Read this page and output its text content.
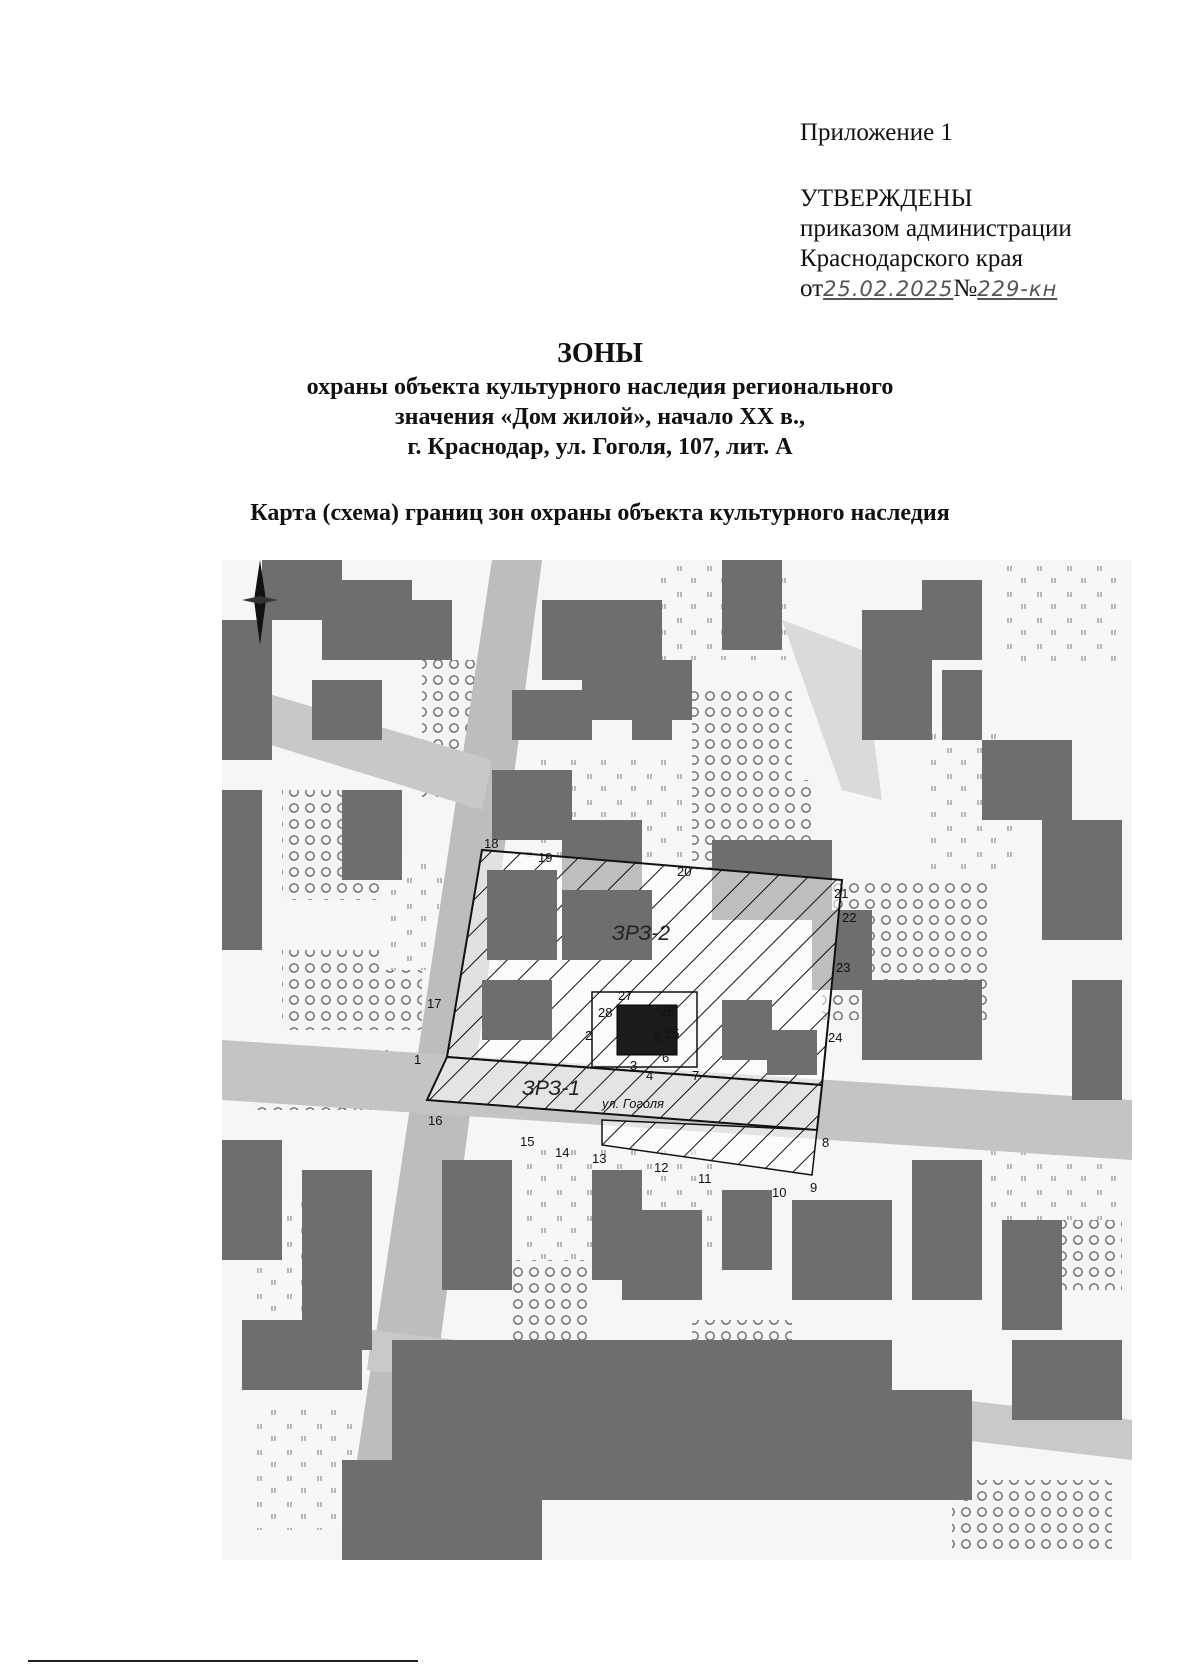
Приложение 1
УТВЕРЖДЕНЫ
приказом администрации
Краснодарского края
от25.02.2025№229-кн
ЗОНЫ
охраны объекта культурного наследия регионального
значения «Дом жилой», начало XX в.,
г. Краснодар, ул. Гоголя, 107, лит. А
Карта (схема) границ зон охраны объекта культурного наследия
ЗРЗ-2
ЗРЗ-1
ул. Гоголя
1
2
3
4
5
6
7
8
9
10
11
12
13
14
15
16
17
18
19
20
21
22
23
24
25
26
27
28
